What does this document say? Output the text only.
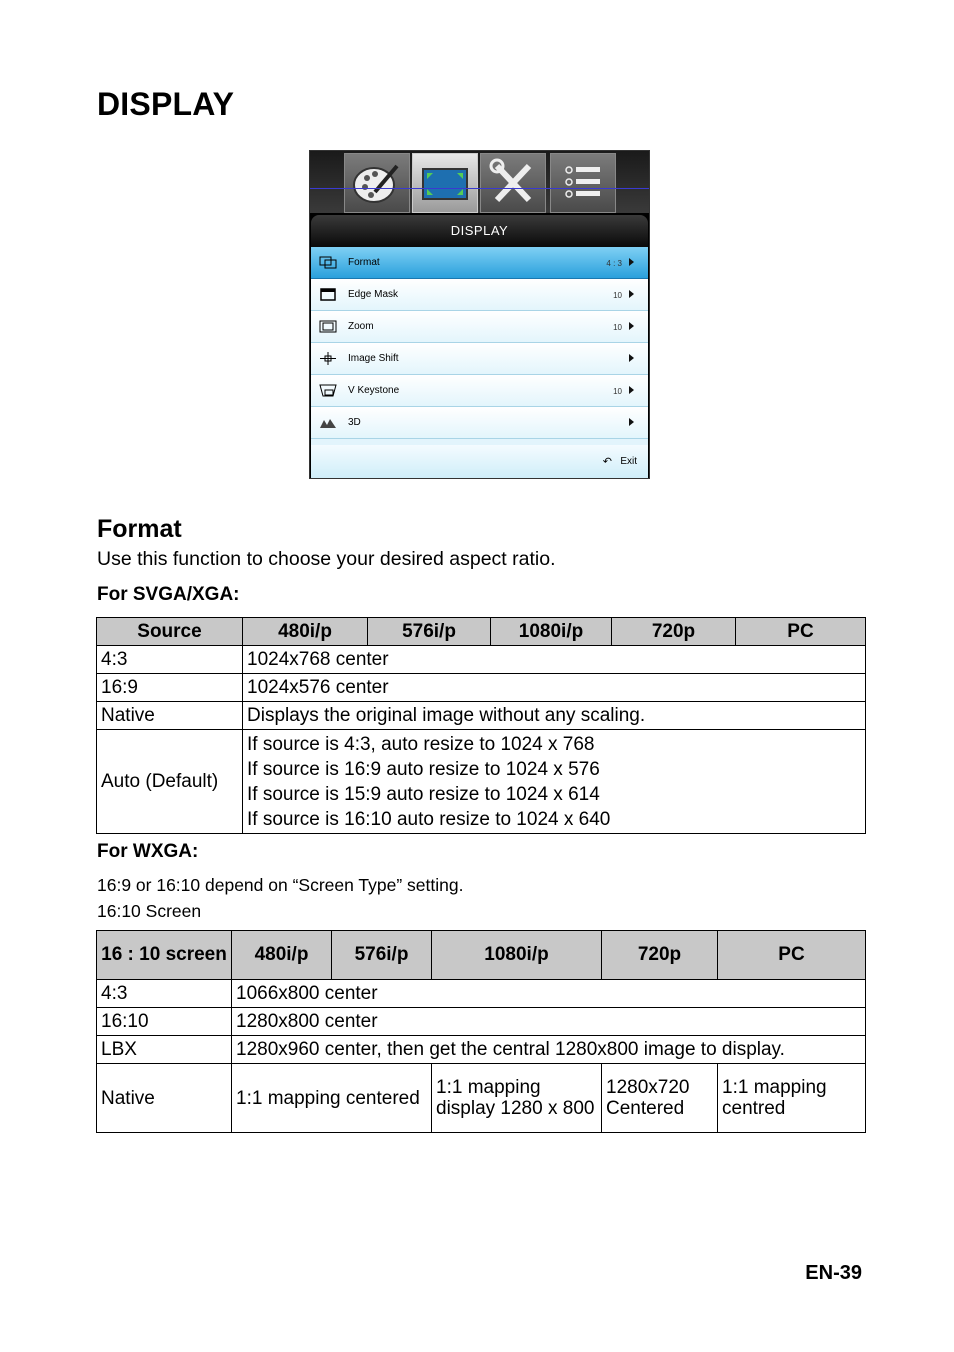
DISPLAY
DISPLAY
Format	4 : 3
Edge Mask	10
Zoom	10
Image Shift
V Keystone	10
3D
↶ Exit
Format
Use this function to choose your desired aspect ratio.
For SVGA/XGA:
Source	480i/p	576i/p	1080i/p	720p	PC
4:3	1024x768 center				
16:9	1024x576 center				
Native	Displays the original image without any scaling.				
Auto (Default)	If source is 4:3, auto resize to 1024 x 768
If source is 16:9 auto resize to 1024 x 576
If source is 15:9 auto resize to 1024 x 614
If source is 16:10 auto resize to 1024 x 640				
For WXGA:
16:9 or 16:10 depend on “Screen Type” setting.
16:10 Screen
16 : 10 screen	480i/p	576i/p	1080i/p	720p	PC
4:3	1066x800 center				
16:10	1280x800 center				
LBX	1280x960 center, then get the central 1280x800 image to display.				
Native	1:1 mapping centered		1:1 mapping display 1280 x 800	1280x720 Centered	1:1 mapping centred
EN-39
